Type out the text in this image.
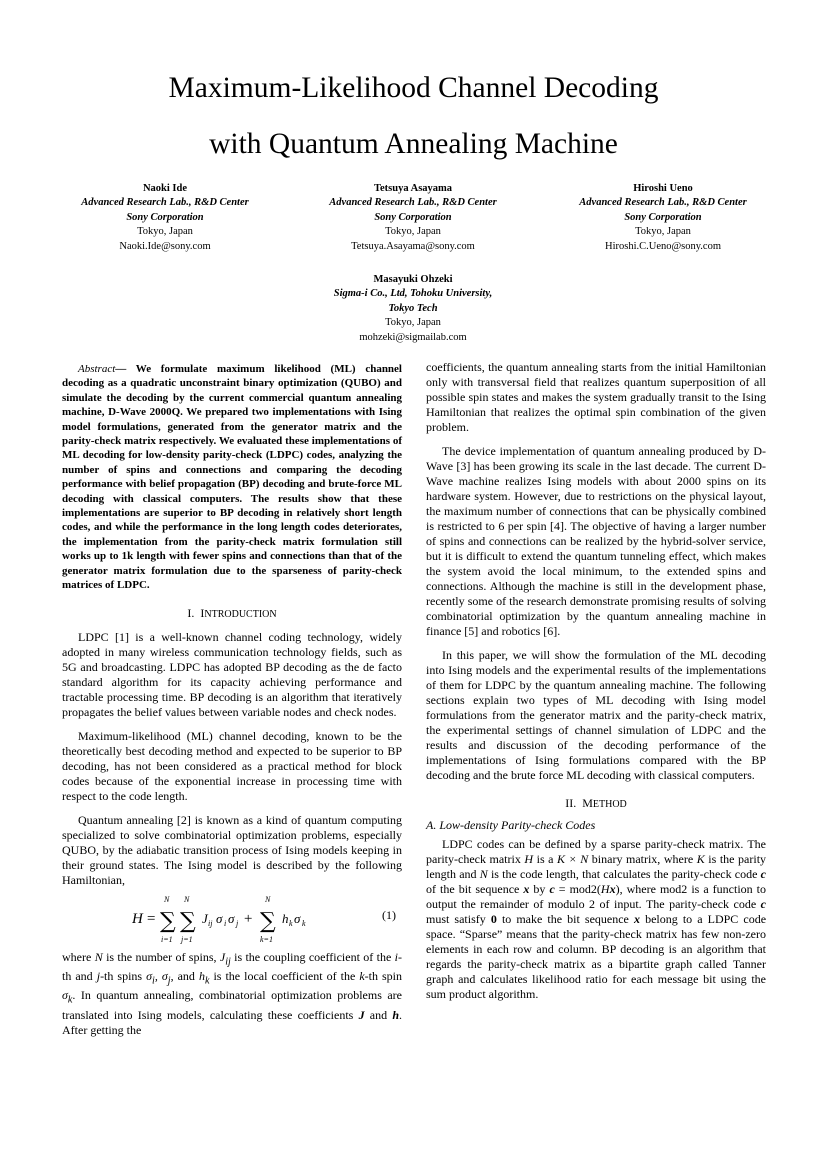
Maximum-Likelihood Channel Decoding
with Quantum Annealing Machine
Naoki Ide
Advanced Research Lab., R&D Center
Sony Corporation
Tokyo, Japan
Naoki.Ide@sony.com
Tetsuya Asayama
Advanced Research Lab., R&D Center
Sony Corporation
Tokyo, Japan
Tetsuya.Asayama@sony.com
Hiroshi Ueno
Advanced Research Lab., R&D Center
Sony Corporation
Tokyo, Japan
Hiroshi.C.Ueno@sony.com
Masayuki Ohzeki
Sigma-i Co., Ltd, Tohoku University,
Tokyo Tech
Tokyo, Japan
mohzeki@sigmailab.com

Abstract— We formulate maximum likelihood (ML) channel decoding as a quadratic unconstraint binary optimization (QUBO) and simulate the decoding by the current commercial quantum annealing machine, D-Wave 2000Q. We prepared two implementations with Ising model formulations, generated from the generator matrix and the parity-check matrix respectively. We evaluated these implementations of ML decoding for low-density parity-check (LDPC) codes, analyzing the number of spins and connections and comparing the decoding performance with belief propagation (BP) decoding and brute-force ML decoding with classical computers. The results show that these implementations are superior to BP decoding in relatively short length codes, and while the performance in the long length codes deteriorates, the implementation from the parity-check matrix formulation still works up to 1k length with fewer spins and connections than that of the generator matrix formulation due to the sparseness of parity-check matrices of LDPC.

I. INTRODUCTION

LDPC [1] is a well-known channel coding technology, widely adopted in many wireless communication technology fields, such as 5G and broadcasting. LDPC has adopted BP decoding as the de facto standard algorithm for its capacity achieving performance and tractable processing time. BP decoding is an algorithm that iteratively propagates the belief values between variable nodes and check nodes.

Maximum-likelihood (ML) channel decoding, known to be the theoretically best decoding method and expected to be superior to BP decoding, has not been considered as a practical method for block codes because of the exponential increase in processing time with respect to the code length.

Quantum annealing [2] is known as a kind of quantum computing specialized to solve combinatorial optimization problems, especially QUBO, by the adiabatic transition process of Ising models keeping in their ground states. The Ising model is described by the following Hamiltonian,

H =
N
∑
i=1
N
∑
j=1
J ij σ i σ j +
N
∑
k=1
h k σ k
(1)

where N is the number of spins, $J_{ij}$ is the coupling coefficient of the i-th and j-th spins $\sigma_i$, $\sigma_j$, and $h_k$ is the local coefficient of the k-th spin $\sigma_k$. In quantum annealing, combinatorial optimization problems are translated into Ising models, calculating these coefficients J and h. After getting the

coefficients, the quantum annealing starts from the initial Hamiltonian only with transversal field that realizes quantum superposition of all possible spin states and makes the system gradually transit to the Ising Hamiltonian that realizes the optimal spin combination of the given problem.

The device implementation of quantum annealing produced by D-Wave [3] has been growing its scale in the last decade. The current D-Wave machine realizes Ising models with about 2000 spins on its hardware system. However, due to restrictions on the physical layout, the maximum number of connections that can be physically combined is restricted to 6 per spin [4]. The objective of having a larger number of spins and connections can be realized by the hybrid-solver service, but it is difficult to extend the quantum tunneling effect, which makes the system avoid the local minimum, to the extended spins and connections. Although the machine is still in the development phase, recently some of the research demonstrate promising results of solving combinatorial optimization by the quantum annealing machine in finance [5] and robotics [6].

In this paper, we will show the formulation of the ML decoding into Ising models and the experimental results of the implementations of them for LDPC by the quantum annealing machine. The following sections explain two types of ML decoding with Ising model formulations from the generator matrix and the parity-check matrix, the experimental settings of channel simulation of LDPC and the results and discussion of the decoding performance of the implementations of Ising formulations compared with the BP decoding and the brute force ML decoding with classical computers.

II. METHOD

A. Low-density Parity-check Codes

LDPC codes can be defined by a sparse parity-check matrix. The parity-check matrix H is a K × N binary matrix, where K is the parity length and N is the code length, that calculates the parity-check code c of the bit sequence x by c = mod2(Hx), where mod2 is a function to output the remainder of modulo 2 of input. The parity-check code c must satisfy 0 to make the bit sequence x belong to a LDPC code space. “Sparse” means that the parity-check matrix has few non-zero elements in each row and column. BP decoding is an algorithm that regards the parity-check matrix as a bipartite graph called Tanner graph and calculates likelihood ratio for each message bit using the sum product algorithm.
